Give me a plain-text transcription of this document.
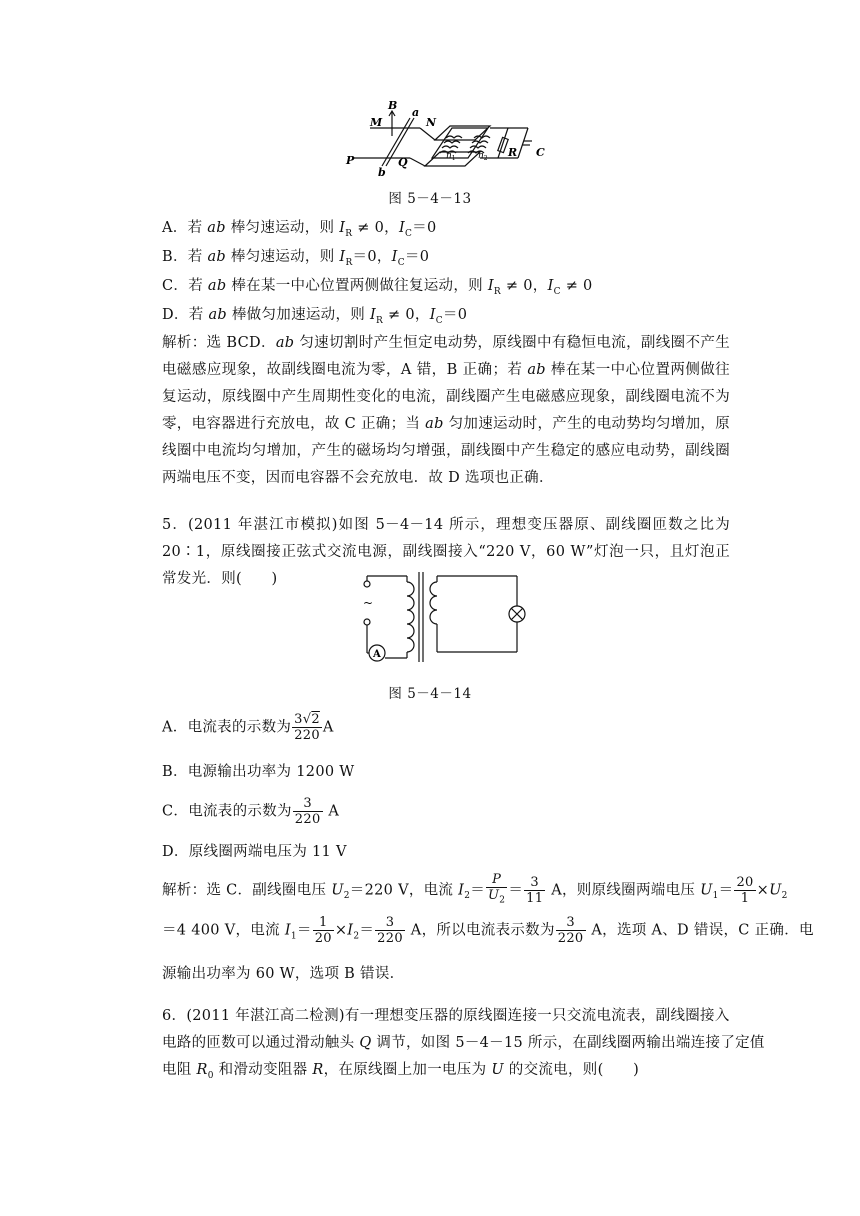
M
B
a
N
P
b
Q	$n_1$ $n_2$ R C
图 5－4－13
A．若 ab 棒匀速运动，则 $I_R \ne 0$，$I_C=0$
B．若 ab 棒匀速运动，则 $I_R=0$，$I_C=0$
C．若 ab 棒在某一中心位置两侧做往复运动，则 $I_R \ne 0$，$I_C \ne 0$
D．若 ab 棒做匀加速运动，则 $I_R \ne 0$，$I_C=0$
解析：选 BCD．ab 匀速切割时产生恒定电动势，原线圈中有稳恒电流，副线圈不产生电磁感应现象，故副线圈电流为零，A 错，B 正确；若 ab 棒在某一中心位置两侧做往复运动，原线圈中产生周期性变化的电流，副线圈产生电磁感应现象，副线圈电流不为零，电容器进行充放电，故 C 正确；当 ab 匀加速运动时，产生的电动势均匀增加，原线圈中电流均匀增加，产生的磁场均匀增强，副线圈中产生稳定的感应电动势，副线圈两端电压不变，因而电容器不会充放电．故 D 选项也正确．
5．(2011 年湛江市模拟)如图 5－4－14 所示，理想变压器原、副线圈匝数之比为 20∶1，原线圈接正弦式交流电源，副线圈接入“220 V，60 W”灯泡一只，且灯泡正常发光．则(　　)
~
A
图 5－4－14
A．电流表的示数为 $\frac{3√2}{220}$ A
B．电源输出功率为 1200 W
C．电流表的示数为 $\frac{3}{220}$ A
D．原线圈两端电压为 11 V
解析：选 C．副线圈电压 $U_2=220$ V，电流 $I_2= \frac{P}{U_2} = \frac{3}{11}$ A，则原线圈两端电压 $U_1= \frac{20}{1} \times U_2$
＝4 400 V，电流 $I_1= \frac{1}{20} \times I_2= \frac{3}{220}$ A，所以电流表示数为 $\frac{3}{220}$ A，选项 A、D 错误，C 正确．电
源输出功率为 60 W，选项 B 错误．
6．(2011 年湛江高二检测)有一理想变压器的原线圈连接一只交流电流表，副线圈接入
电路的匝数可以通过滑动触头 Q 调节，如图 5－4－15 所示，在副线圈两输出端连接了定值
电阻 $R_0$ 和滑动变阻器 R，在原线圈上加一电压为 U 的交流电，则(　　)
